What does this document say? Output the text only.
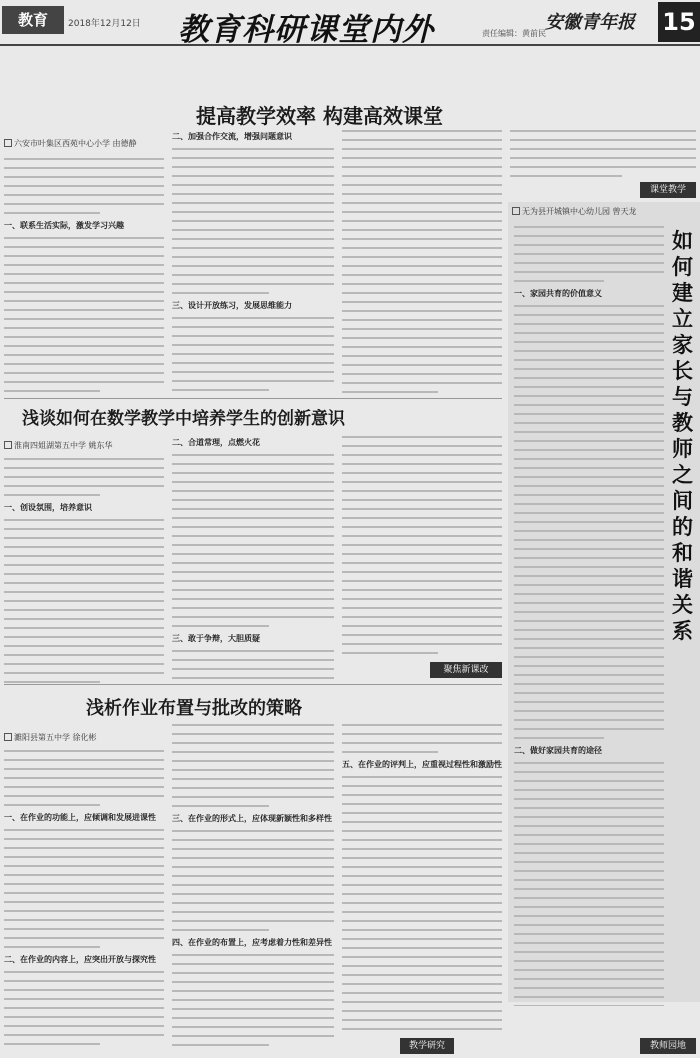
教育	2018年12月12日 教育科研课堂内外	责任编辑：黄前民
安徽青年报 15
提高教学效率 构建高效课堂
六安市叶集区西苑中心小学 由德静
一、联系生活实际，激发学习兴趣
二、加强合作交流，增强问题意识
三、设计开放练习，发展思维能力
课堂教学
浅谈如何在数学教学中培养学生的创新意识
淮南四姐湖第五中学 姚东华
一、创设氛围，培养意识
二、合道常理，点燃火花
三、敢于争辩，大胆质疑
聚焦新课改
浅析作业布置与批改的策略
濉阳县第五中学 徐化彬
一、在作业的功能上，应倾调和发展进课性
二、在作业的内容上，应突出开放与探究性
三、在作业的形式上，应体现新颖性和多样性
四、在作业的布置上，应考虑着力性和差异性
五、在作业的评判上，应重视过程性和激励性
教学研究
无为县开城镇中心幼儿园 曾天龙
如何建立家长与教师之间的和谐关系
一、家园共育的价值意义
二、做好家园共育的途径
教师园地
